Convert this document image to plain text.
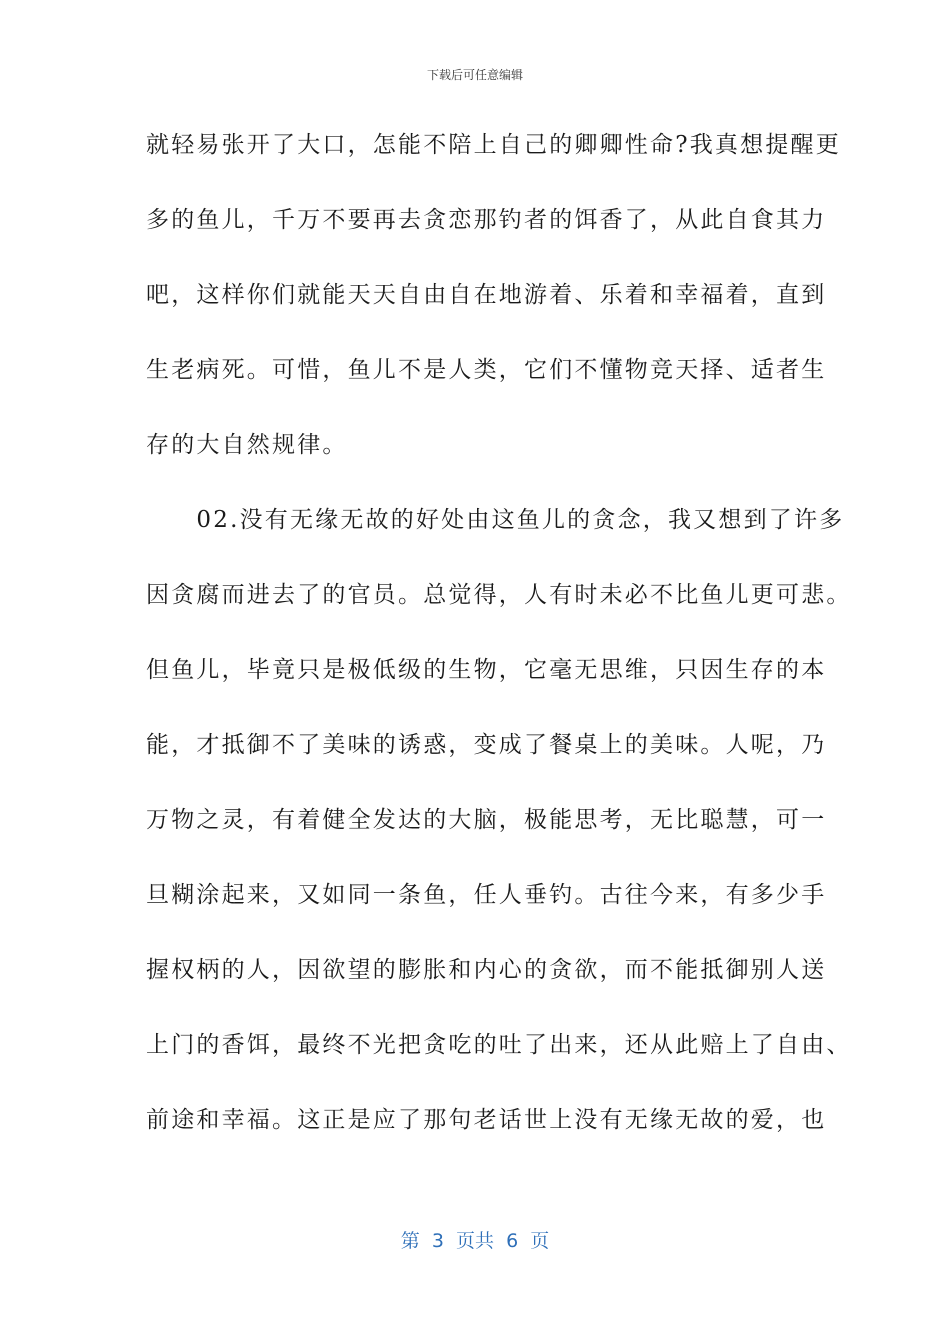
下载后可任意编辑
就轻易张开了大口，怎能不陪上自己的卿卿性命?我真想提醒更
多的鱼儿，千万不要再去贪恋那钓者的饵香了，从此自食其力
吧，这样你们就能天天自由自在地游着、乐着和幸福着，直到
生老病死。可惜，鱼儿不是人类，它们不懂物竞天择、适者生
存的大自然规律。
　　02.没有无缘无故的好处由这鱼儿的贪念，我又想到了许多
因贪腐而进去了的官员。总觉得，人有时未必不比鱼儿更可悲。
但鱼儿，毕竟只是极低级的生物，它毫无思维，只因生存的本
能，才抵御不了美味的诱惑，变成了餐桌上的美味。人呢，乃
万物之灵，有着健全发达的大脑，极能思考，无比聪慧，可一
旦糊涂起来，又如同一条鱼，任人垂钓。古往今来，有多少手
握权柄的人，因欲望的膨胀和内心的贪欲，而不能抵御别人送
上门的香饵，最终不光把贪吃的吐了出来，还从此赔上了自由、
前途和幸福。这正是应了那句老话世上没有无缘无故的爱，也
第  3  页共  6  页
